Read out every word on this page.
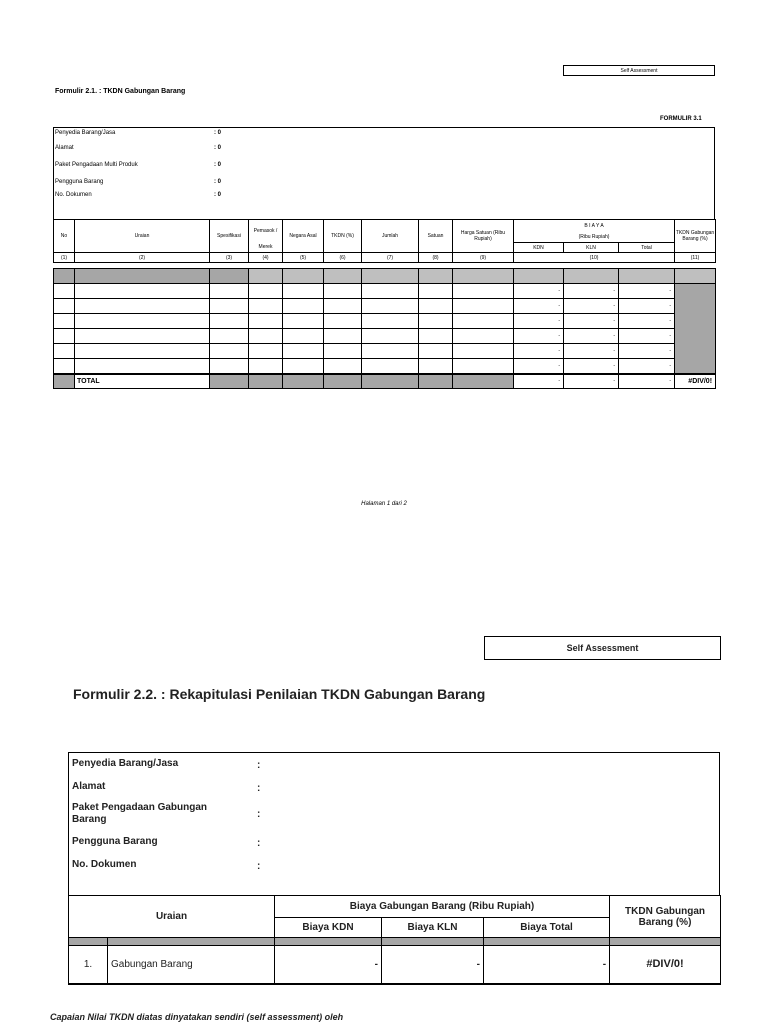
Self Assessment
Formulir 2.1. : TKDN Gabungan Barang
FORMULIR 3.1
Penyedia Barang/Jasa	: 0
Alamat	: 0
Paket Pengadaan Multi Produk	: 0
Pengguna Barang	: 0
No. Dokumen	: 0
No	Uraian	Spesifikasi	Pemasok /	Negara Asal	TKDN (%)	Jumlah	Satuan	Harga Satuan (Ribu Rupiah)	B I A Y A			TKDN Gabungan Barang (%)
									(Ribu Rupiah)			
			Merek						KDN	KLN	Total	
(1)	(2)	(3)	(4)	(5)	(6)	(7)	(8)	(9)	(10)			(11)

									-	-	-	
									-	-	-	
									-	-	-	
									-	-	-	
									-	-	-	
									-	-	-	
	TOTAL								-	-	-	#DIV/0!
Halaman 1 dari 2
Self Assessment
Formulir 2.2. : Rekapitulasi Penilaian TKDN Gabungan Barang
Penyedia Barang/Jasa	:
Alamat	:
Paket Pengadaan Gabungan Barang	:
Pengguna Barang	:
No. Dokumen	:
Uraian		Biaya Gabungan Barang (Ribu Rupiah)			TKDN Gabungan Barang (%)
		Biaya KDN	Biaya KLN	Biaya Total	

1.	Gabungan Barang	-	-	-	#DIV/0!
Capaian Nilai TKDN diatas dinyatakan sendiri (self assessment) oleh
